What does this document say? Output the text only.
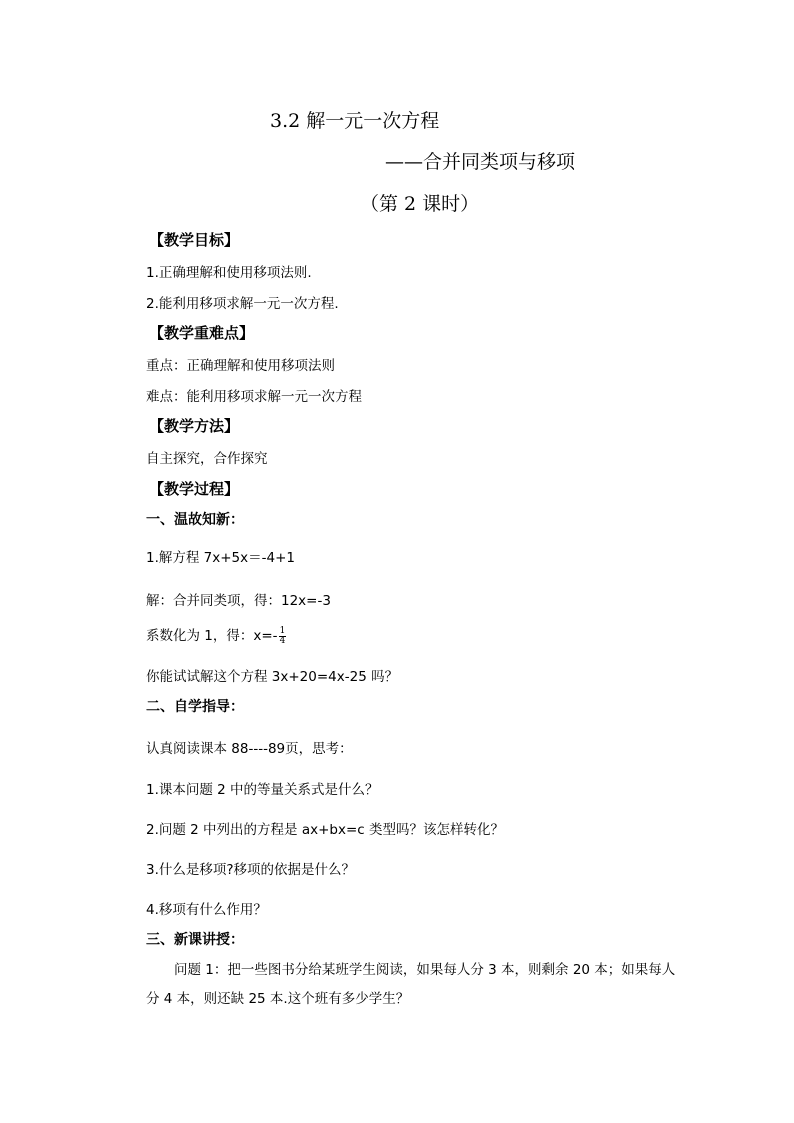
3.2 解一元一次方程
——合并同类项与移项
（第 2 课时）
【教学目标】
1.正确理解和使用移项法则.
2.能利用移项求解一元一次方程.
【教学重难点】
重点：正确理解和使用移项法则
难点：能利用移项求解一元一次方程
【教学方法】
自主探究，合作探究
【教学过程】
一、温故知新：
1.解方程 7x+5x＝-4+1
解：合并同类项，得：12x=-3
系数化为 1，得：$x=- \frac{1}{4}$
你能试试解这个方程 3x+20=4x-25 吗？
二、自学指导：
认真阅读课本 88----89页，思考：
1.课本问题 2 中的等量关系式是什么？
2.问题 2 中列出的方程是 ax+bx=c 类型吗？该怎样转化？
3.什么是移项?移项的依据是什么？
4.移项有什么作用？
三、新课讲授：
问题 1：把一些图书分给某班学生阅读，如果每人分 3 本，则剩余 20 本；如果每人分 4 本，则还缺 25 本.这个班有多少学生？
